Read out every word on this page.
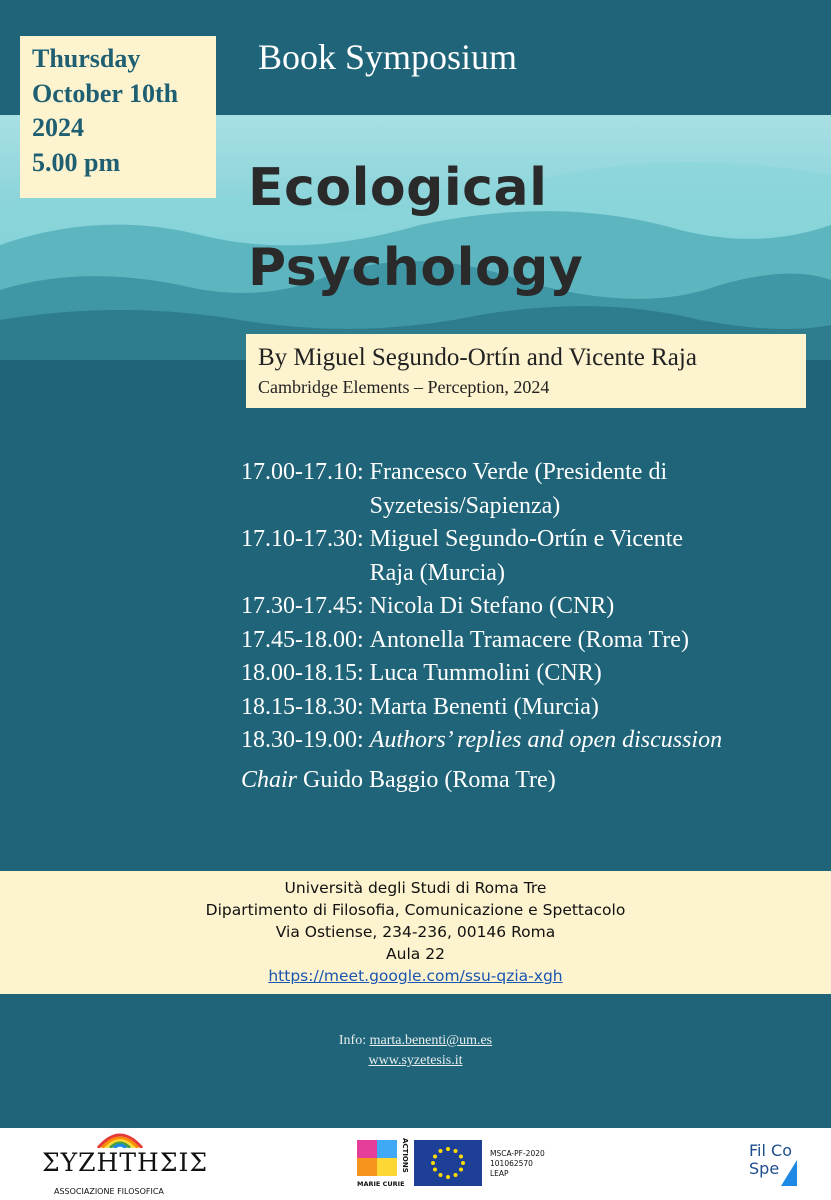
Thursday
October 10th
2024
5.00 pm
Book Symposium
Ecological
Psychology
By Miguel Segundo-Ortín and Vicente Raja
Cambridge Elements – Perception, 2024
17.00-17.10: Francesco Verde (Presidente di
Syzetesis/Sapienza)
17.10-17.30: Miguel Segundo-Ortín e Vicente
Raja (Murcia)
17.30-17.45: Nicola Di Stefano (CNR)
17.45-18.00: Antonella Tramacere (Roma Tre)
18.00-18.15: Luca Tummolini (CNR)
18.15-18.30: Marta Benenti (Murcia)
18.30-19.00: Authors’ replies and open discussion
Chair Guido Baggio (Roma Tre)
Università degli Studi di Roma Tre
Dipartimento di Filosofia, Comunicazione e Spettacolo
Via Ostiense, 234-236, 00146 Roma
Aula 22
https://meet.google.com/ssu-qzia-xgh
Info: marta.benenti@um.es
www.syzetesis.it
ΣΥΖΗΤΗΣΙΣ
ASSOCIAZIONE FILOSOFICA
ACTIONS
MARIE CURIE
MSCA-PF-2020
101062570
LEAP
Fil Co
Spe
